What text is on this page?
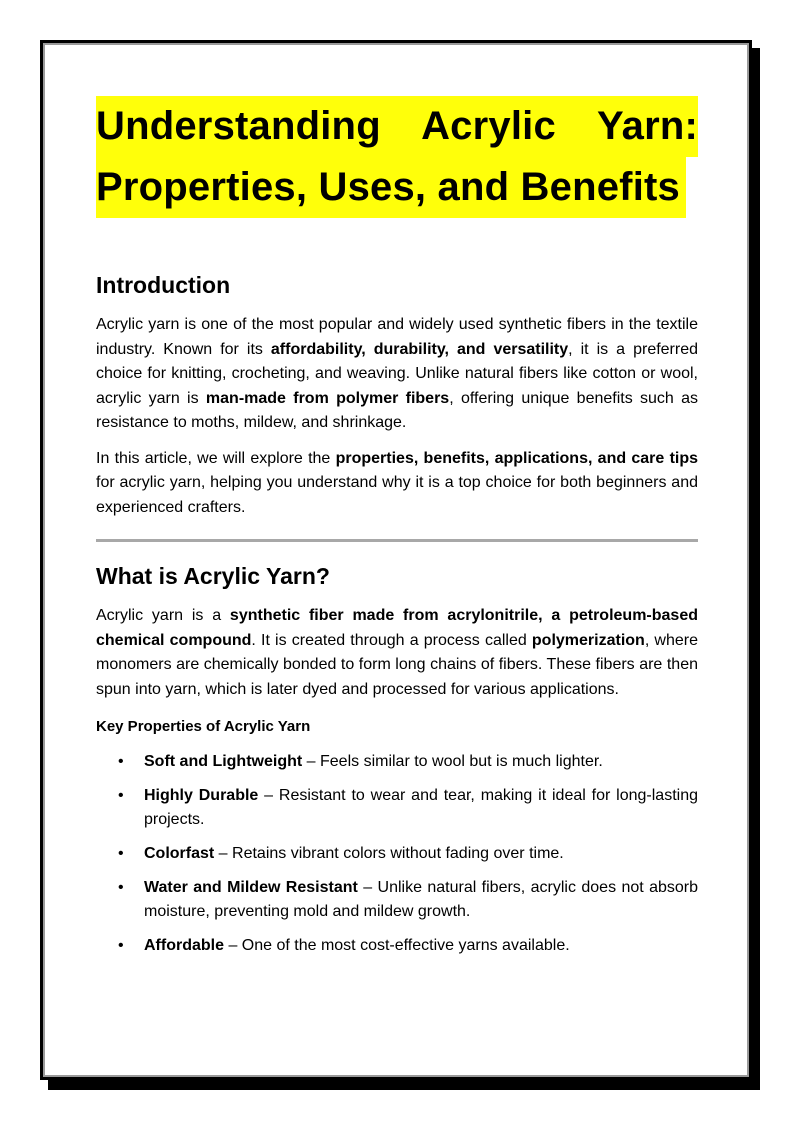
Understanding Acrylic Yarn:
Properties, Uses, and Benefits
Introduction

Acrylic yarn is one of the most popular and widely used synthetic fibers in the textile industry. Known for its affordability, durability, and versatility, it is a preferred choice for knitting, crocheting, and weaving. Unlike natural fibers like cotton or wool, acrylic yarn is man-made from polymer fibers, offering unique benefits such as resistance to moths, mildew, and shrinkage.

In this article, we will explore the properties, benefits, applications, and care tips for acrylic yarn, helping you understand why it is a top choice for both beginners and experienced crafters.

What is Acrylic Yarn?

Acrylic yarn is a synthetic fiber made from acrylonitrile, a petroleum-based chemical compound. It is created through a process called polymerization, where monomers are chemically bonded to form long chains of fibers. These fibers are then spun into yarn, which is later dyed and processed for various applications.

Key Properties of Acrylic Yarn
• Soft and Lightweight – Feels similar to wool but is much lighter.
• Highly Durable – Resistant to wear and tear, making it ideal for long-lasting projects.
• Colorfast – Retains vibrant colors without fading over time.
• Water and Mildew Resistant – Unlike natural fibers, acrylic does not absorb moisture, preventing mold and mildew growth.
• Affordable – One of the most cost-effective yarns available.
